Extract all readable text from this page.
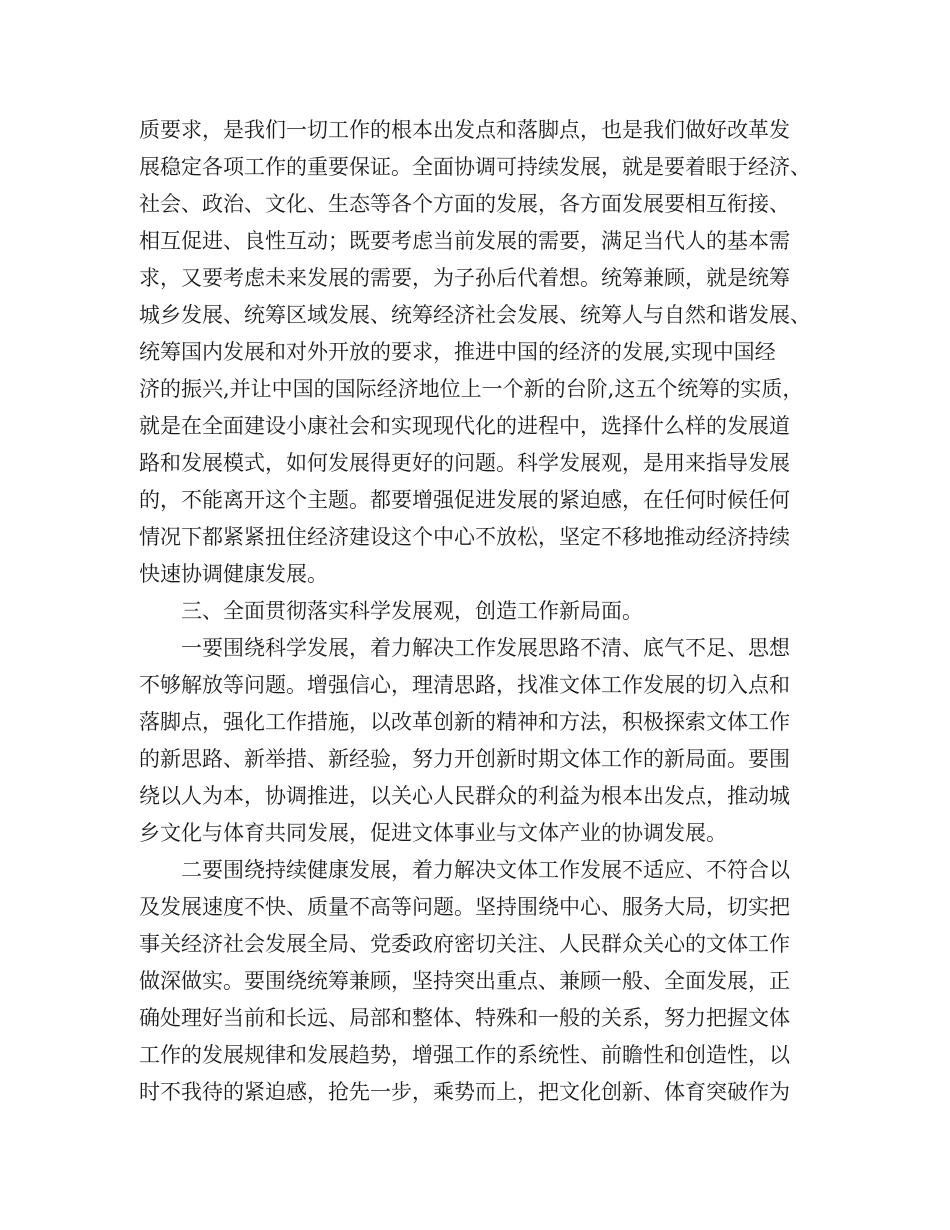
质要求，是我们一切工作的根本出发点和落脚点，也是我们做好改革发
展稳定各项工作的重要保证。全面协调可持续发展，就是要着眼于经济、
社会、政治、文化、生态等各个方面的发展，各方面发展要相互衔接、
相互促进、良性互动；既要考虑当前发展的需要，满足当代人的基本需
求，又要考虑未来发展的需要，为子孙后代着想。统筹兼顾，就是统筹
城乡发展、统筹区域发展、统筹经济社会发展、统筹人与自然和谐发展、
统筹国内发展和对外开放的要求，推进中国的经济的发展,实现中国经
济的振兴,并让中国的国际经济地位上一个新的台阶,这五个统筹的实质，
就是在全面建设小康社会和实现现代化的进程中，选择什么样的发展道
路和发展模式，如何发展得更好的问题。科学发展观，是用来指导发展
的，不能离开这个主题。都要增强促进发展的紧迫感，在任何时候任何
情况下都紧紧扭住经济建设这个中心不放松，坚定不移地推动经济持续
快速协调健康发展。
三、全面贯彻落实科学发展观，创造工作新局面。
一要围绕科学发展，着力解决工作发展思路不清、底气不足、思想
不够解放等问题。增强信心，理清思路，找准文体工作发展的切入点和
落脚点，强化工作措施，以改革创新的精神和方法，积极探索文体工作
的新思路、新举措、新经验，努力开创新时期文体工作的新局面。要围
绕以人为本，协调推进，以关心人民群众的利益为根本出发点，推动城
乡文化与体育共同发展，促进文体事业与文体产业的协调发展。
二要围绕持续健康发展，着力解决文体工作发展不适应、不符合以
及发展速度不快、质量不高等问题。坚持围绕中心、服务大局，切实把
事关经济社会发展全局、党委政府密切关注、人民群众关心的文体工作
做深做实。要围绕统筹兼顾，坚持突出重点、兼顾一般、全面发展，正
确处理好当前和长远、局部和整体、特殊和一般的关系，努力把握文体
工作的发展规律和发展趋势，增强工作的系统性、前瞻性和创造性，以
时不我待的紧迫感，抢先一步，乘势而上，把文化创新、体育突破作为
